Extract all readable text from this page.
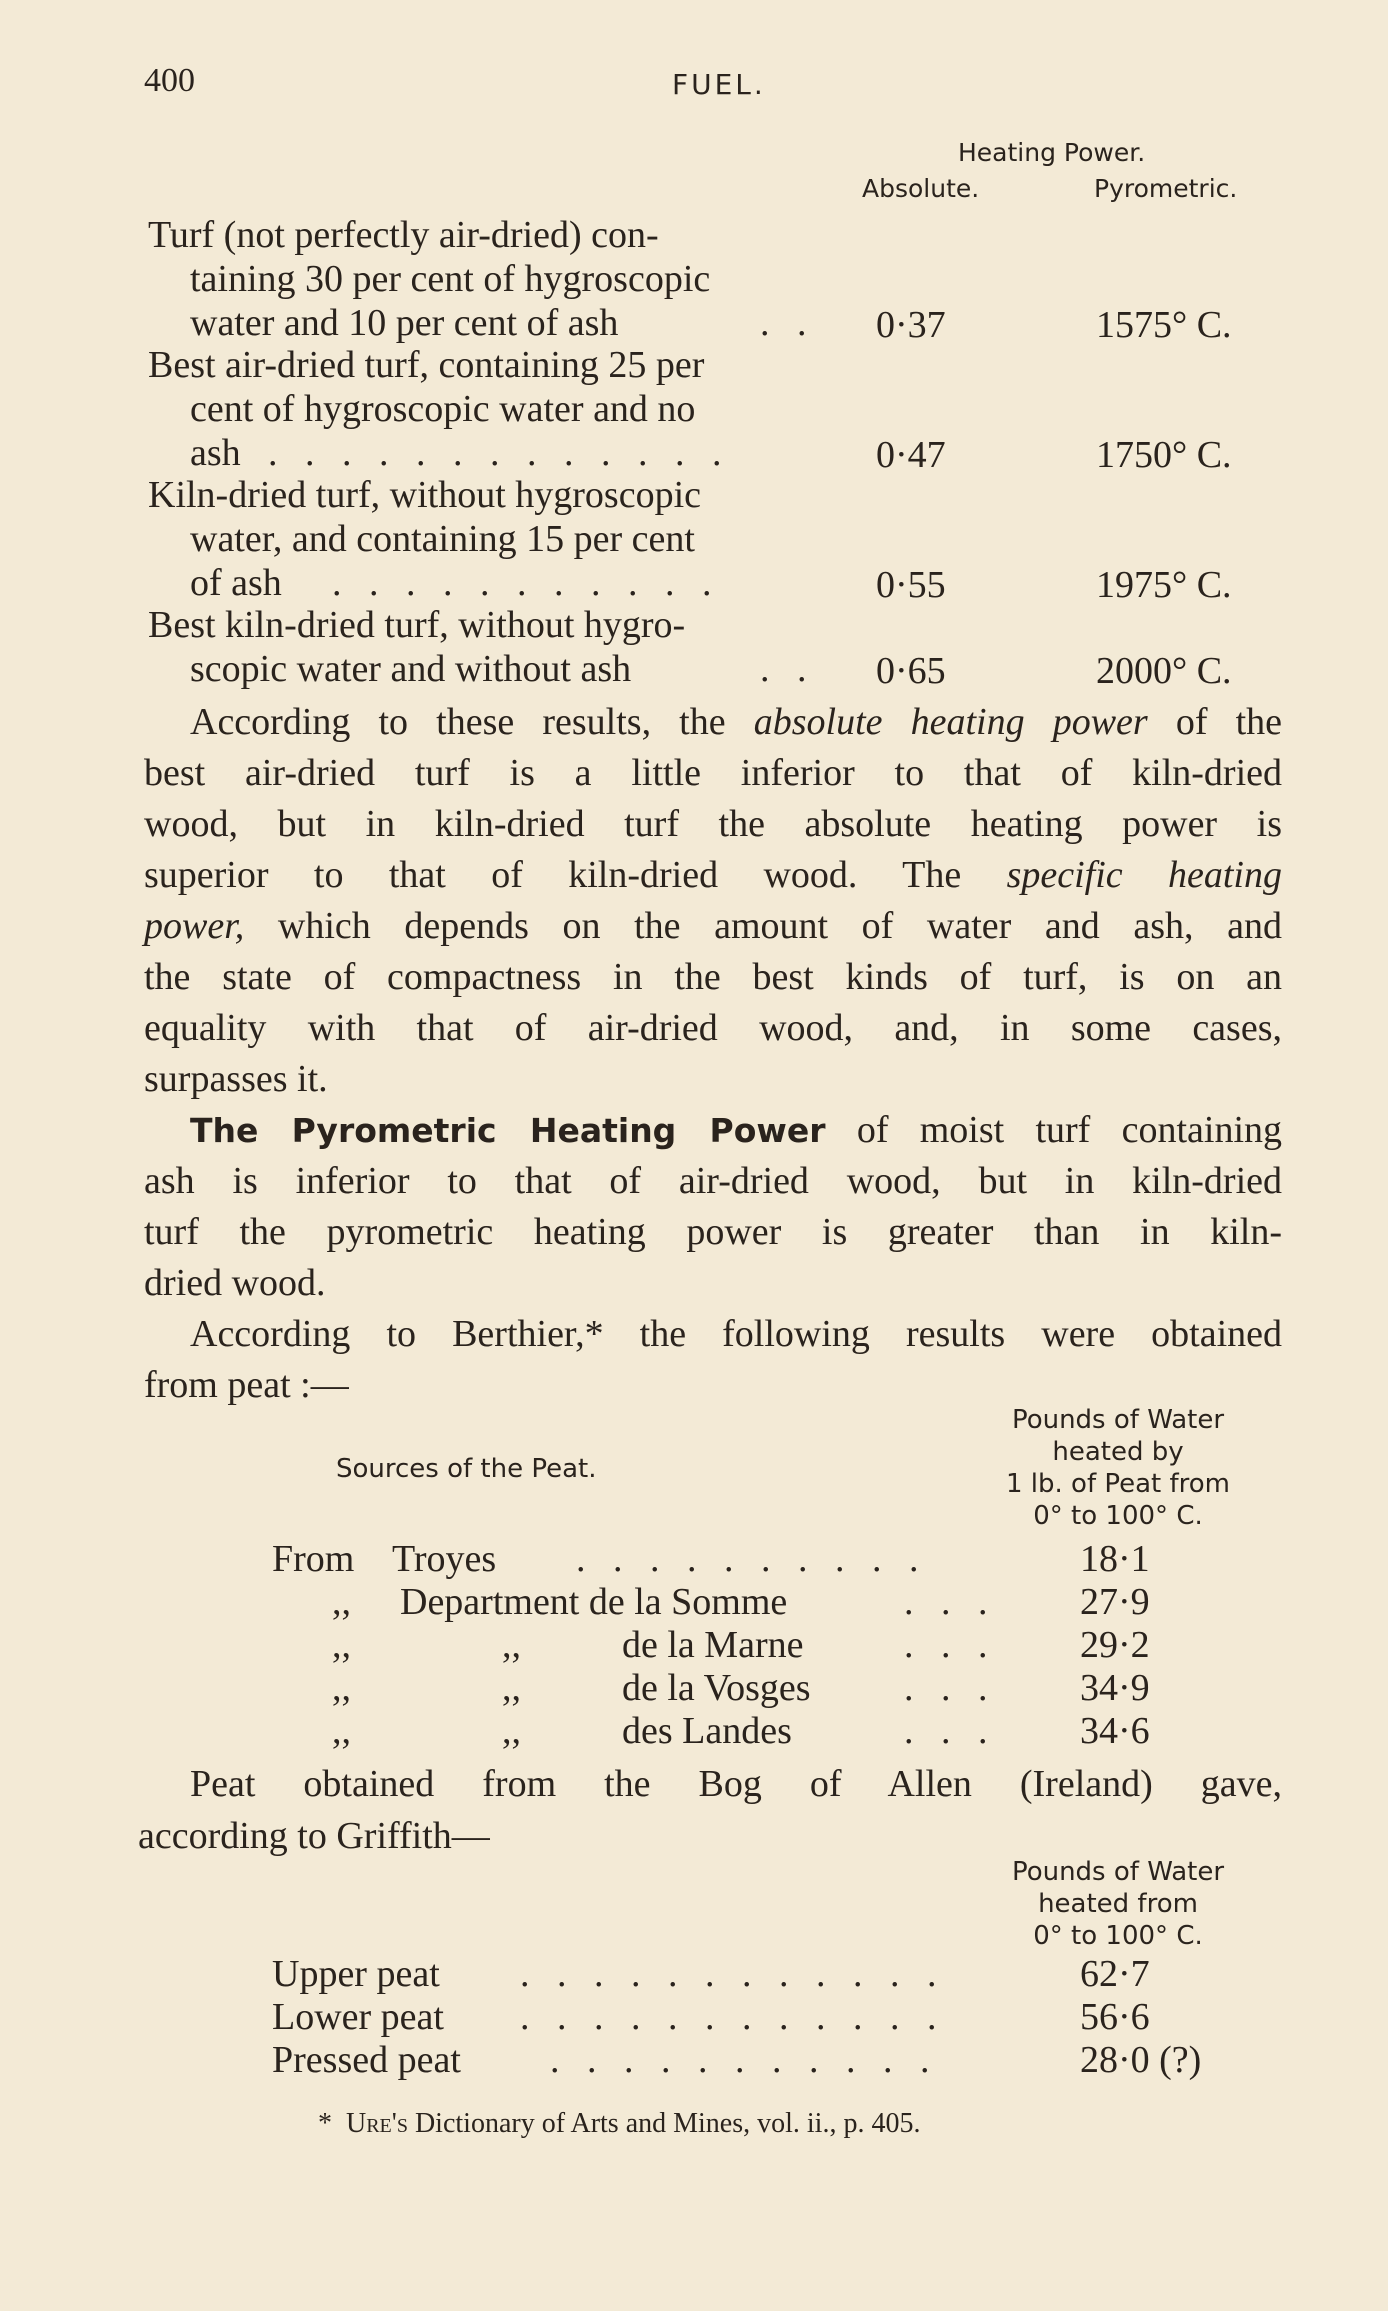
400	FUEL.
Heating Power.
Absolute.	Pyrometric.
Turf (not perfectly air-dried) con-
taining 30 per cent of hygroscopic
water and 10 per cent of ash	. . 0·37	1575° C.
Best air-dried turf, containing 25 per
cent of hygroscopic water and no
ash . . . . . . . . . . . . .	0·47	1750° C.
Kiln-dried turf, without hygroscopic
water, and containing 15 per cent
of ash . . . . . . . . . . .	0·55	1975° C.
Best kiln-dried turf, without hygro-
scopic water and without ash	. . 0·65	2000° C.
According to these results, the absolute heating power of the
best air-dried turf is a little inferior to that of kiln-dried
wood, but in kiln-dried turf the absolute heating power is
superior to that of kiln-dried wood. The specific heating
power, which depends on the amount of water and ash, and
the state of compactness in the best kinds of turf, is on an
equality with that of air-dried wood, and, in some cases,
surpasses it.
The Pyrometric Heating Power of moist turf containing
ash is inferior to that of air-dried wood, but in kiln-dried
turf the pyrometric heating power is greater than in kiln-
dried wood.
According to Berthier,* the following results were obtained
from peat :—
Sources of the Peat.
Pounds of Water
heated by
1 lb. of Peat from
0° to 100° C.
From Troyes . . . . . . . . . .	18·1
,, Department de la Somme	. . . 27·9
,,	,,	de la Marne	. . . 29·2
,,	,,	de la Vosges . . . 34·9
,,	,,	des Landes	. . . 34·6
Peat obtained from the Bog of Allen (Ireland) gave,
according to Griffith—
Pounds of Water
heated from
0° to 100° C.
Upper peat . . . . . . . . . . . .	62·7
Lower peat . . . . . . . . . . . .	56·6
Pressed peat . . . . . . . . . . .	28·0 (?)
* Ure's Dictionary of Arts and Mines, vol. ii., p. 405.
